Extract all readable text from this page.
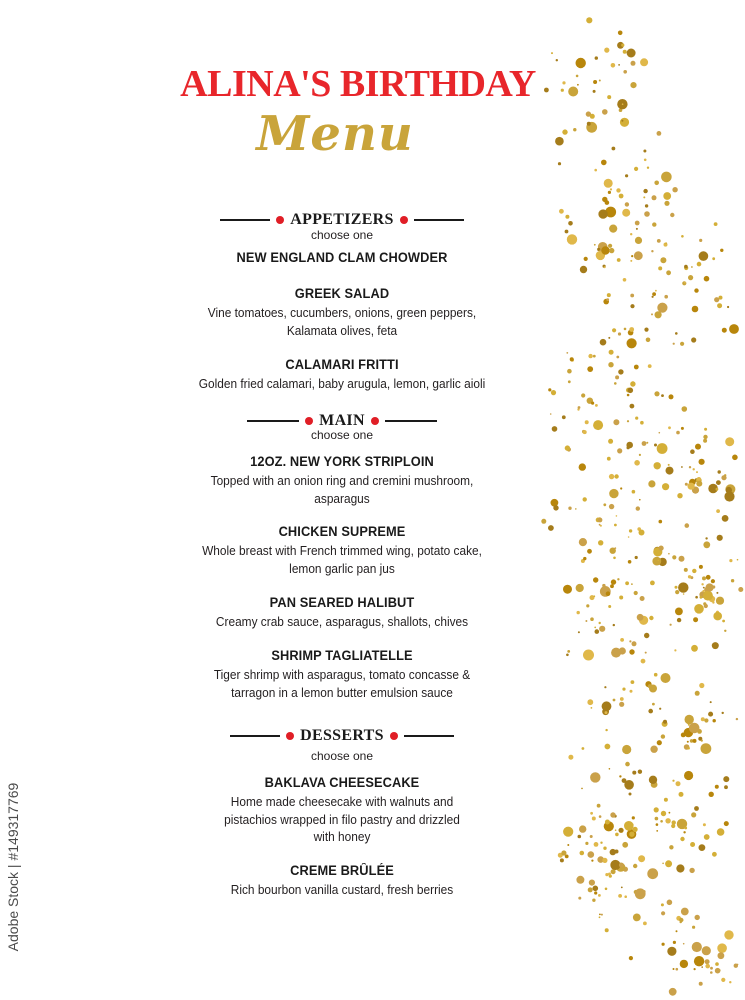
ALINA'S BIRTHDAY
Menu
APPETIZERS

choose one

NEW ENGLAND CLAM CHOWDER

GREEK SALAD

Vine tomatoes, cucumbers, onions, green peppers,
Kalamata olives, feta

CALAMARI FRITTI

Golden fried calamari, baby arugula, lemon, garlic aioli

MAIN

choose one

12OZ. NEW YORK STRIPLOIN

Topped with an onion ring and cremini mushroom,
asparagus

CHICKEN SUPREME

Whole breast with French trimmed wing, potato cake,
lemon garlic pan jus

PAN SEARED HALIBUT

Creamy crab sauce, asparagus, shallots, chives

SHRIMP TAGLIATELLE

Tiger shrimp with asparagus, tomato concasse &
tarragon in a lemon butter emulsion sauce

DESSERTS

choose one

BAKLAVA CHEESECAKE

Home made cheesecake with walnuts and
pistachios wrapped in filo pastry and drizzled
with honey

CREME BRÛLÉE

Rich bourbon vanilla custard, fresh berries

Adobe Stock | #149317769
